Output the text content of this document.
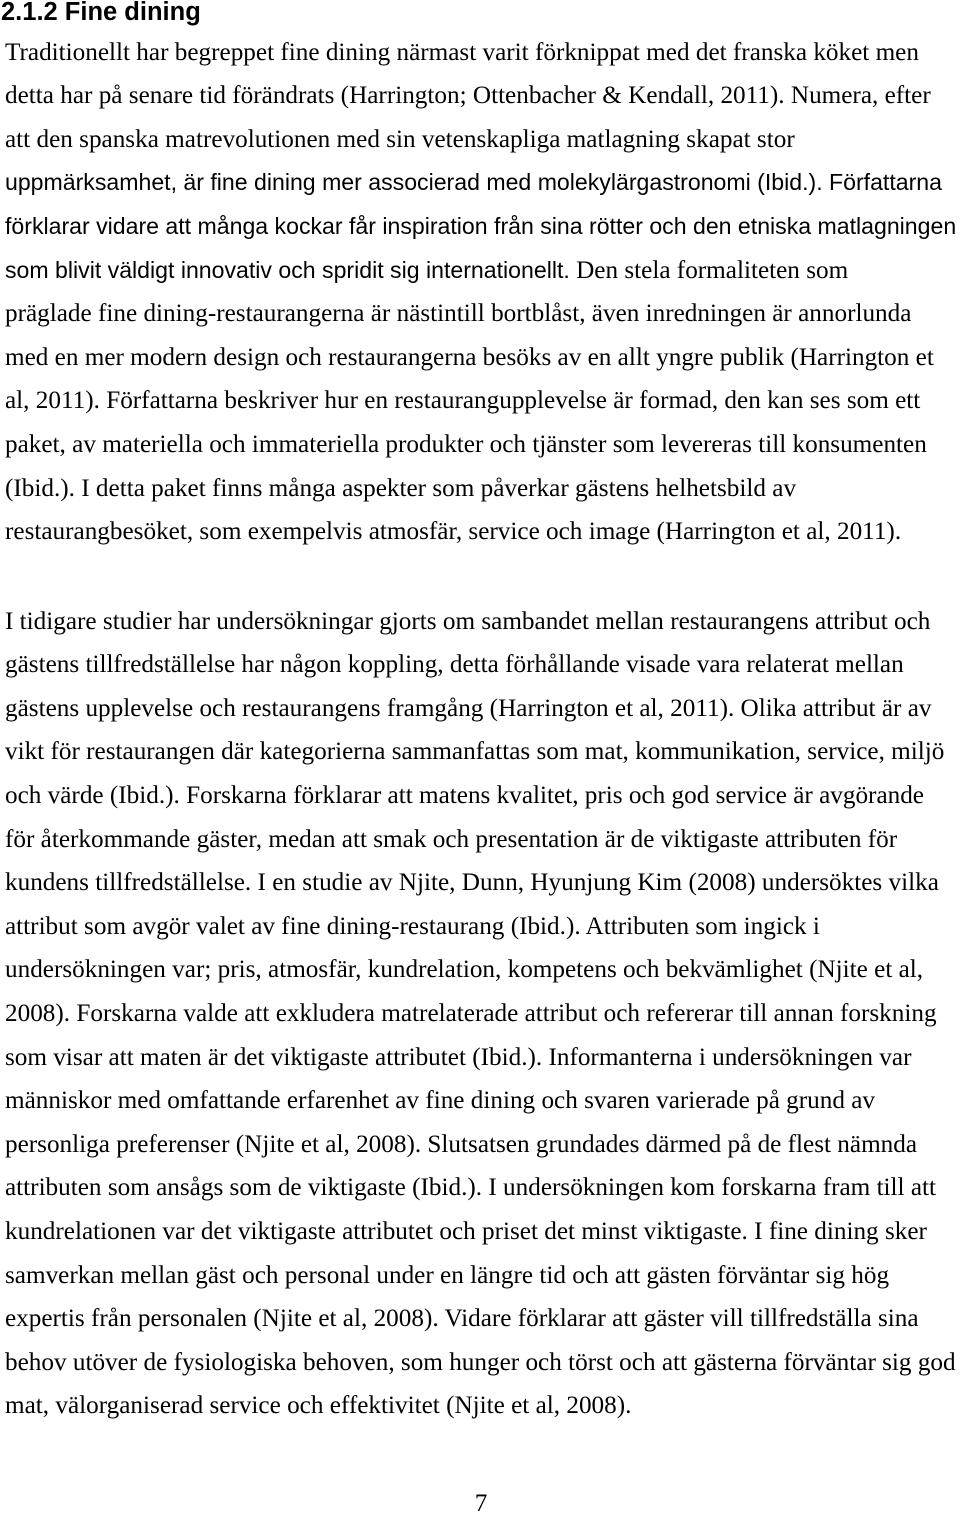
2.1.2 Fine dining
Traditionellt har begreppet fine dining närmast varit förknippat med det franska köket men
detta har på senare tid förändrats (Harrington; Ottenbacher & Kendall, 2011). Numera, efter
att den spanska matrevolutionen med sin vetenskapliga matlagning skapat stor
uppmärksamhet, är fine dining mer associerad med molekylärgastronomi (Ibid.). Författarna
förklarar vidare att många kockar får inspiration från sina rötter och den etniska matlagningen
som blivit väldigt innovativ och spridit sig internationellt. Den stela formaliteten som
präglade fine dining-restaurangerna är nästintill bortblåst, även inredningen är annorlunda
med en mer modern design och restaurangerna besöks av en allt yngre publik (Harrington et
al, 2011). Författarna beskriver hur en restaurangupplevelse är formad, den kan ses som ett
paket, av materiella och immateriella produkter och tjänster som levereras till konsumenten
(Ibid.). I detta paket finns många aspekter som påverkar gästens helhetsbild av
restaurangbesöket, som exempelvis atmosfär, service och image (Harrington et al, 2011).
I tidigare studier har undersökningar gjorts om sambandet mellan restaurangens attribut och
gästens tillfredställelse har någon koppling, detta förhållande visade vara relaterat mellan
gästens upplevelse och restaurangens framgång (Harrington et al, 2011). Olika attribut är av
vikt för restaurangen där kategorierna sammanfattas som mat, kommunikation, service, miljö
och värde (Ibid.). Forskarna förklarar att matens kvalitet, pris och god service är avgörande
för återkommande gäster, medan att smak och presentation är de viktigaste attributen för
kundens tillfredställelse. I en studie av Njite, Dunn, Hyunjung Kim (2008) undersöktes vilka
attribut som avgör valet av fine dining-restaurang (Ibid.). Attributen som ingick i
undersökningen var; pris, atmosfär, kundrelation, kompetens och bekvämlighet (Njite et al,
2008). Forskarna valde att exkludera matrelaterade attribut och refererar till annan forskning
som visar att maten är det viktigaste attributet (Ibid.). Informanterna i undersökningen var
människor med omfattande erfarenhet av fine dining och svaren varierade på grund av
personliga preferenser (Njite et al, 2008). Slutsatsen grundades därmed på de flest nämnda
attributen som ansågs som de viktigaste (Ibid.). I undersökningen kom forskarna fram till att
kundrelationen var det viktigaste attributet och priset det minst viktigaste. I fine dining sker
samverkan mellan gäst och personal under en längre tid och att gästen förväntar sig hög
expertis från personalen (Njite et al, 2008). Vidare förklarar att gäster vill tillfredställa sina
behov utöver de fysiologiska behoven, som hunger och törst och att gästerna förväntar sig god
mat, välorganiserad service och effektivitet (Njite et al, 2008).
7
